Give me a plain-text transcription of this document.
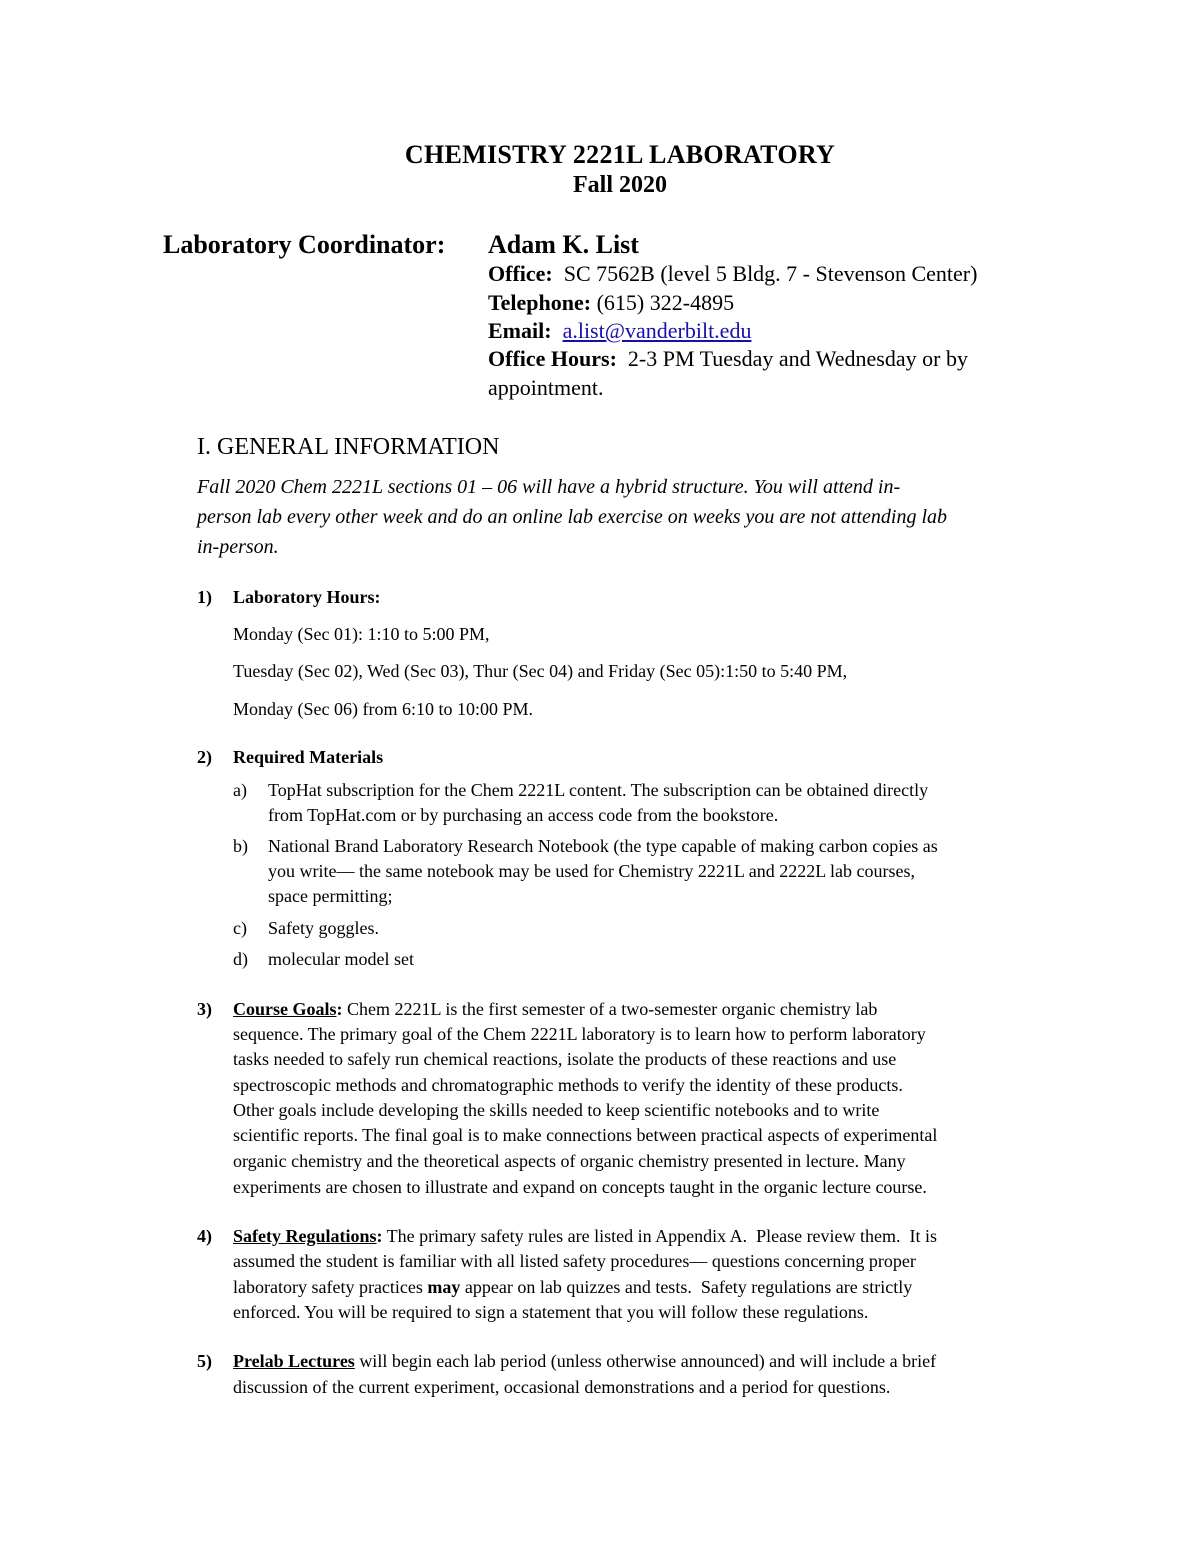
CHEMISTRY 2221L LABORATORY
Fall 2020
Laboratory Coordinator: Adam K. List
Office: SC 7562B (level 5 Bldg. 7 - Stevenson Center)
Telephone: (615) 322-4895
Email: a.list@vanderbilt.edu
Office Hours: 2-3 PM Tuesday and Wednesday or by
appointment.
I. GENERAL INFORMATION
Fall 2020 Chem 2221L sections 01 – 06 will have a hybrid structure. You will attend in-
person lab every other week and do an online lab exercise on weeks you are not attending lab
in-person.
1) Laboratory Hours:
Monday (Sec 01): 1:10 to 5:00 PM,
Tuesday (Sec 02), Wed (Sec 03), Thur (Sec 04) and Friday (Sec 05):1:50 to 5:40 PM,
Monday (Sec 06) from 6:10 to 10:00 PM.
2) Required Materials
a) TopHat subscription for the Chem 2221L content. The subscription can be obtained directly
from TopHat.com or by purchasing an access code from the bookstore.
b) National Brand Laboratory Research Notebook (the type capable of making carbon copies as
you write— the same notebook may be used for Chemistry 2221L and 2222L lab courses,
space permitting;
c) Safety goggles.
d) molecular model set
3) Course Goals: Chem 2221L is the first semester of a two-semester organic chemistry lab
sequence. The primary goal of the Chem 2221L laboratory is to learn how to perform laboratory
tasks needed to safely run chemical reactions, isolate the products of these reactions and use
spectroscopic methods and chromatographic methods to verify the identity of these products.
Other goals include developing the skills needed to keep scientific notebooks and to write
scientific reports. The final goal is to make connections between practical aspects of experimental
organic chemistry and the theoretical aspects of organic chemistry presented in lecture. Many
experiments are chosen to illustrate and expand on concepts taught in the organic lecture course.
4) Safety Regulations: The primary safety rules are listed in Appendix A.  Please review them.  It is
assumed the student is familiar with all listed safety procedures— questions concerning proper
laboratory safety practices may appear on lab quizzes and tests.  Safety regulations are strictly
enforced. You will be required to sign a statement that you will follow these regulations.
5) Prelab Lectures will begin each lab period (unless otherwise announced) and will include a brief
discussion of the current experiment, occasional demonstrations and a period for questions.
